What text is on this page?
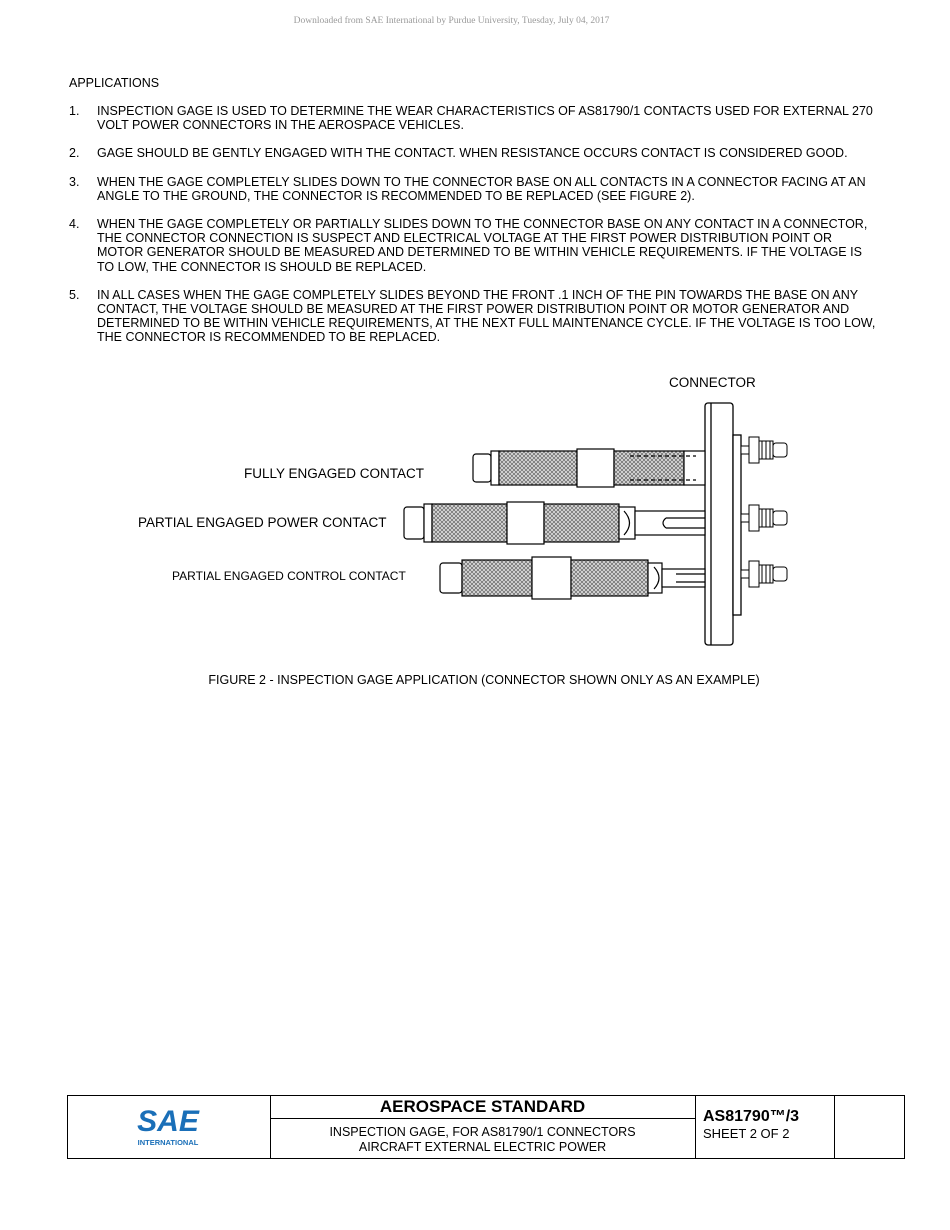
Downloaded from SAE International by Purdue University, Tuesday, July 04, 2017
APPLICATIONS
1. INSPECTION GAGE IS USED TO DETERMINE THE WEAR CHARACTERISTICS OF AS81790/1 CONTACTS USED FOR EXTERNAL 270 VOLT POWER CONNECTORS IN THE AEROSPACE VEHICLES.
2. GAGE SHOULD BE GENTLY ENGAGED WITH THE CONTACT. WHEN RESISTANCE OCCURS CONTACT IS CONSIDERED GOOD.
3. WHEN THE GAGE COMPLETELY SLIDES DOWN TO THE CONNECTOR BASE ON ALL CONTACTS IN A CONNECTOR FACING AT AN ANGLE TO THE GROUND, THE CONNECTOR IS RECOMMENDED TO BE REPLACED (SEE FIGURE 2).
4. WHEN THE GAGE COMPLETELY OR PARTIALLY SLIDES DOWN TO THE CONNECTOR BASE ON ANY CONTACT IN A CONNECTOR, THE CONNECTOR CONNECTION IS SUSPECT AND ELECTRICAL VOLTAGE AT THE FIRST POWER DISTRIBUTION POINT OR MOTOR GENERATOR SHOULD BE MEASURED AND DETERMINED TO BE WITHIN VEHICLE REQUIREMENTS. IF THE VOLTAGE IS TO LOW, THE CONNECTOR IS SHOULD BE REPLACED.
5. IN ALL CASES WHEN THE GAGE COMPLETELY SLIDES BEYOND THE FRONT .1 INCH OF THE PIN TOWARDS THE BASE ON ANY CONTACT, THE VOLTAGE SHOULD BE MEASURED AT THE FIRST POWER DISTRIBUTION POINT OR MOTOR GENERATOR AND DETERMINED TO BE WITHIN VEHICLE REQUIREMENTS, AT THE NEXT FULL MAINTENANCE CYCLE. IF THE VOLTAGE IS TOO LOW, THE CONNECTOR IS RECOMMENDED TO BE REPLACED.
CONNECTOR
FULLY ENGAGED CONTACT
PARTIAL ENGAGED POWER CONTACT
PARTIAL ENGAGED CONTROL CONTACT
FIGURE 2 - INSPECTION GAGE APPLICATION (CONNECTOR SHOWN ONLY AS AN EXAMPLE)
SAE
INTERNATIONAL
AEROSPACE STANDARD
INSPECTION GAGE, FOR AS81790/1 CONNECTORS
AIRCRAFT EXTERNAL ELECTRIC POWER
AS81790™/3
SHEET 2 OF 2
